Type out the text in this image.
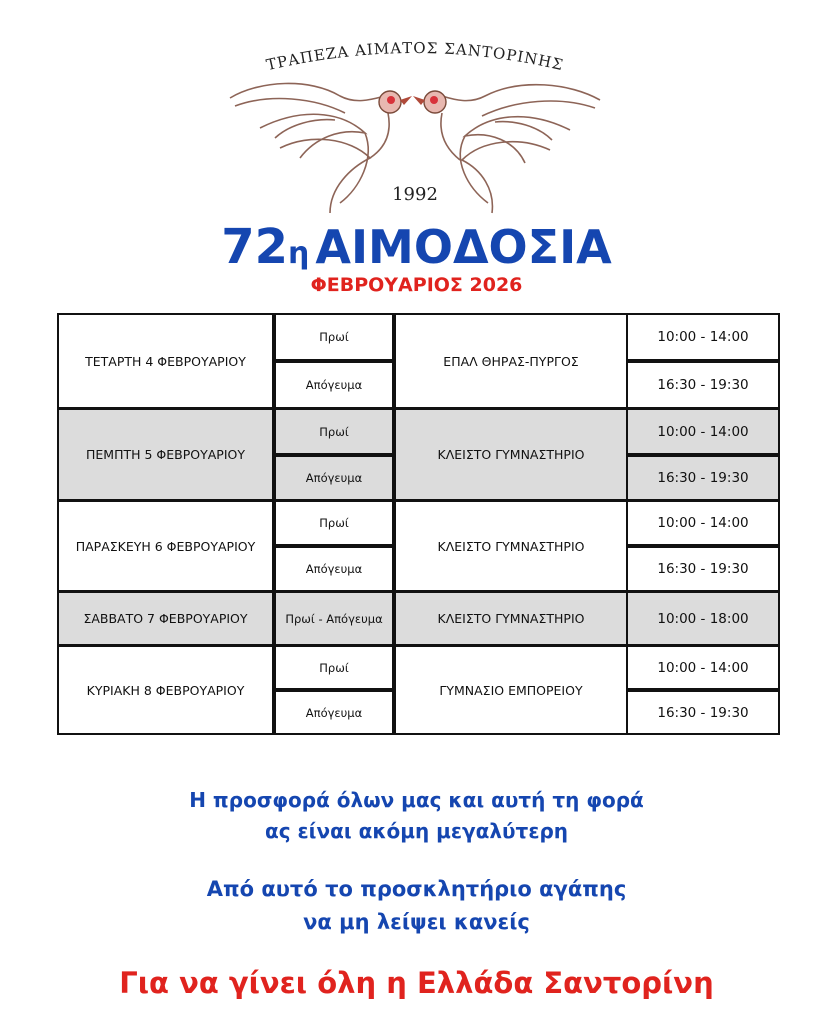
ΤΡΑΠΕΖΑ ΑΙΜΑΤΟΣ ΣΑΝΤΟΡΙΝΗΣ
1992
72η ΑΙΜΟΔΟΣΙΑ
ΦΕΒΡΟΥΑΡΙΟΣ 2026
ΤΕΤΑΡΤΗ 4 ΦΕΒΡΟΥΑΡΙΟΥ	ΕΠΑΛ ΘΗΡΑΣ-ΠΥΡΓΟΣ
Πρωί	10:00 - 14:00
Απόγευμα	16:30 - 19:30
ΠΕΜΠΤΗ 5 ΦΕΒΡΟΥΑΡΙΟΥ	ΚΛΕΙΣΤΟ ΓΥΜΝΑΣΤΗΡΙΟ
Πρωί	10:00 - 14:00
Απόγευμα	16:30 - 19:30
ΠΑΡΑΣΚΕΥΗ 6 ΦΕΒΡΟΥΑΡΙΟΥ	ΚΛΕΙΣΤΟ ΓΥΜΝΑΣΤΗΡΙΟ
Πρωί	10:00 - 14:00
Απόγευμα	16:30 - 19:30
ΣΑΒΒΑΤΟ 7 ΦΕΒΡΟΥΑΡΙΟΥ	ΚΛΕΙΣΤΟ ΓΥΜΝΑΣΤΗΡΙΟ
Πρωί - Απόγευμα	10:00 - 18:00
ΚΥΡΙΑΚΗ 8 ΦΕΒΡΟΥΑΡΙΟΥ	ΓΥΜΝΑΣΙΟ ΕΜΠΟΡΕΙΟΥ
Πρωί	10:00 - 14:00
Απόγευμα	16:30 - 19:30
Η προσφορά όλων μας και αυτή τη φορά
ας είναι ακόμη μεγαλύτερη
Από αυτό το προσκλητήριο αγάπης
να μη λείψει κανείς
Για να γίνει όλη η Ελλάδα Σαντορίνη
